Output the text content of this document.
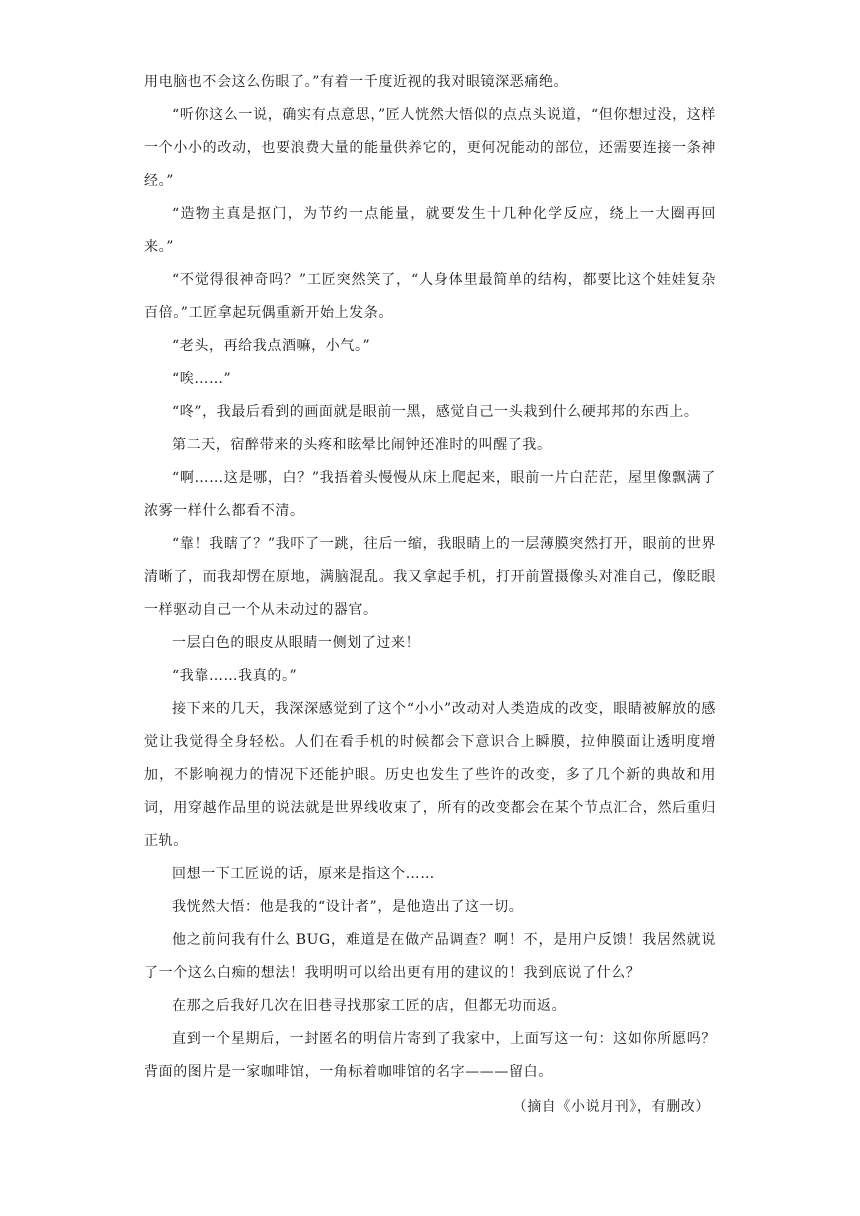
用电脑也不会这么伤眼了。”有着一千度近视的我对眼镜深恶痛绝。

“听你这么一说，确实有点意思，”匠人恍然大悟似的点点头说道，“但你想过没，这样一个小小的改动，也要浪费大量的能量供养它的，更何况能动的部位，还需要连接一条神经。”

“造物主真是抠门，为节约一点能量，就要发生十几种化学反应，绕上一大圈再回来。”

“不觉得很神奇吗？”工匠突然笑了，“人身体里最简单的结构，都要比这个娃娃复杂百倍。”工匠拿起玩偶重新开始上发条。

“老头，再给我点酒嘛，小气。”

“唉……”

“咚”，我最后看到的画面就是眼前一黑，感觉自己一头栽到什么硬邦邦的东西上。

第二天，宿醉带来的头疼和眩晕比闹钟还准时的叫醒了我。

“啊……这是哪，白？”我捂着头慢慢从床上爬起来，眼前一片白茫茫，屋里像飘满了浓雾一样什么都看不清。

“靠！我瞎了？”我吓了一跳，往后一缩，我眼睛上的一层薄膜突然打开，眼前的世界清晰了，而我却愣在原地，满脑混乱。我又拿起手机，打开前置摄像头对准自己，像眨眼一样驱动自己一个从未动过的器官。

一层白色的眼皮从眼睛一侧划了过来！

“我靠……我真的。”

接下来的几天，我深深感觉到了这个“小小”改动对人类造成的改变，眼睛被解放的感觉让我觉得全身轻松。人们在看手机的时候都会下意识合上瞬膜，拉伸膜面让透明度增加，不影响视力的情况下还能护眼。历史也发生了些许的改变，多了几个新的典故和用词，用穿越作品里的说法就是世界线收束了，所有的改变都会在某个节点汇合，然后重归正轨。

回想一下工匠说的话，原来是指这个……

我恍然大悟：他是我的“设计者”，是他造出了这一切。

他之前问我有什么 BUG，难道是在做产品调查？啊！不，是用户反馈！我居然就说了一个这么白痴的想法！我明明可以给出更有用的建议的！我到底说了什么？

在那之后我好几次在旧巷寻找那家工匠的店，但都无功而返。

直到一个星期后，一封匿名的明信片寄到了我家中，上面写这一句：这如你所愿吗？背面的图片是一家咖啡馆，一角标着咖啡馆的名字———留白。

（摘自《小说月刊》，有删改）
